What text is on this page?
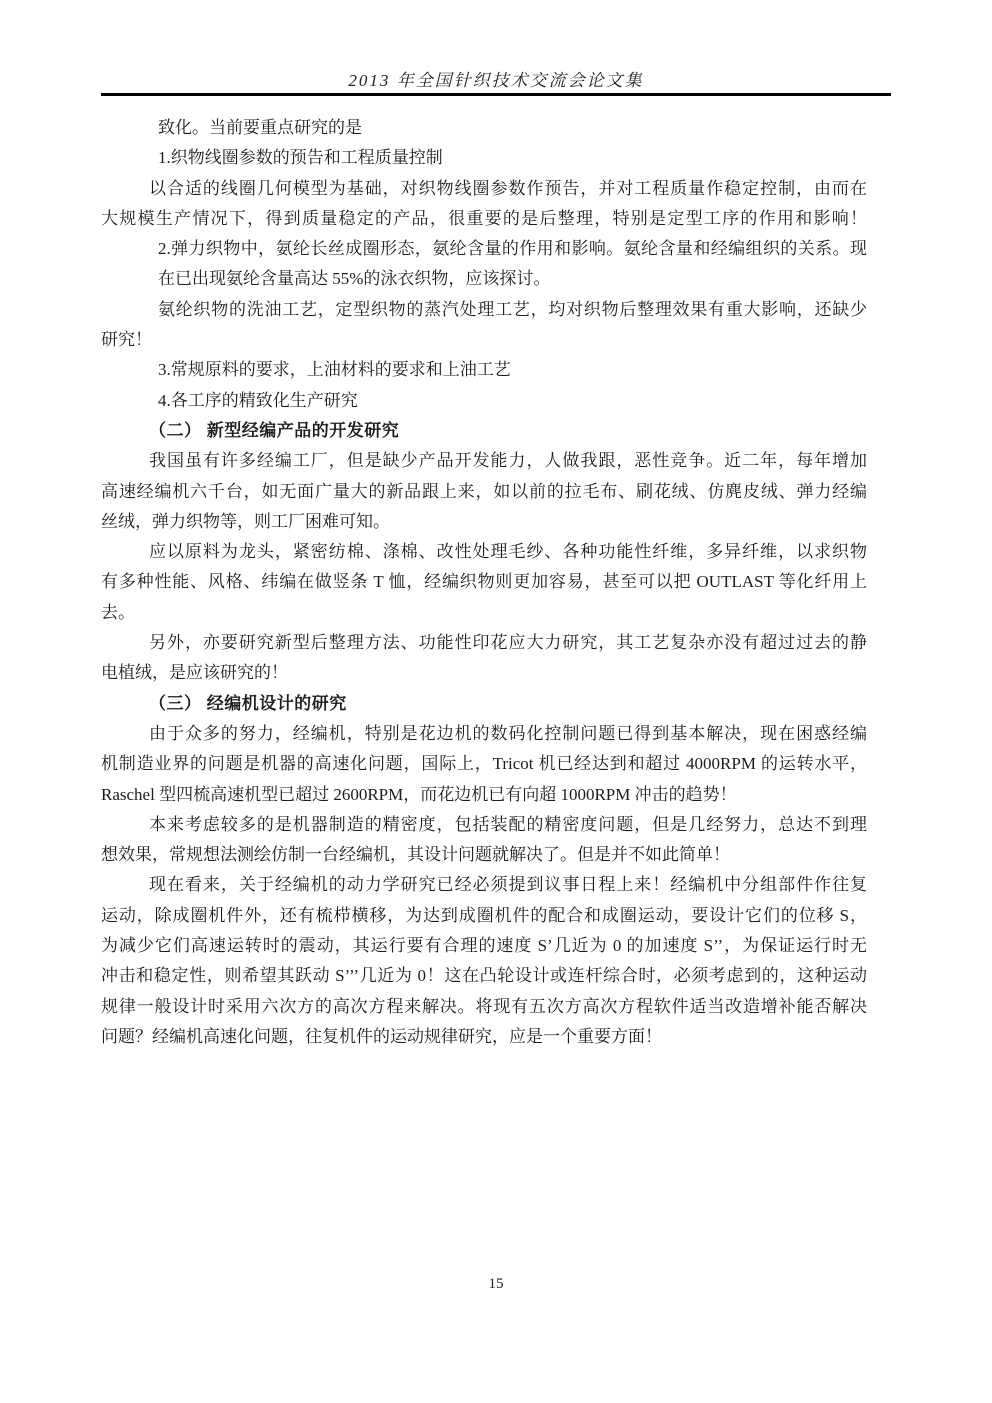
2013 年全国针织技术交流会论文集
致化。当前要重点研究的是
1.织物线圈参数的预告和工程质量控制
以合适的线圈几何模型为基础，对织物线圈参数作预告，并对工程质量作稳定控制，由而在
大规模生产情况下，得到质量稳定的产品，很重要的是后整理，特别是定型工序的作用和影响！
2.弹力织物中，氨纶长丝成圈形态，氨纶含量的作用和影响。氨纶含量和经编组织的关系。现
在已出现氨纶含量高达 55%的泳衣织物，应该探讨。
氨纶织物的洗油工艺，定型织物的蒸汽处理工艺，均对织物后整理效果有重大影响，还缺少
研究！
3.常规原料的要求，上油材料的要求和上油工艺
4.各工序的精致化生产研究
（二） 新型经编产品的开发研究
我国虽有许多经编工厂，但是缺少产品开发能力，人做我跟，恶性竞争。近二年，每年增加
高速经编机六千台，如无面广量大的新品跟上来，如以前的拉毛布、刷花绒、仿麂皮绒、弹力经编
丝绒，弹力织物等，则工厂困难可知。
应以原料为龙头，紧密纺棉、涤棉、改性处理毛纱、各种功能性纤维，多异纤维，以求织物
有多种性能、风格、纬编在做竖条 T 恤，经编织物则更加容易，甚至可以把 OUTLAST 等化纤用上
去。
另外，亦要研究新型后整理方法、功能性印花应大力研究，其工艺复杂亦没有超过过去的静
电植绒，是应该研究的！
（三） 经编机设计的研究
由于众多的努力，经编机，特别是花边机的数码化控制问题已得到基本解决，现在困惑经编
机制造业界的问题是机器的高速化问题，国际上，Tricot 机已经达到和超过 4000RPM 的运转水平，
Raschel 型四梳高速机型已超过 2600RPM，而花边机已有向超 1000RPM 冲击的趋势！
本来考虑较多的是机器制造的精密度，包括装配的精密度问题，但是几经努力，总达不到理
想效果，常规想法测绘仿制一台经编机，其设计问题就解决了。但是并不如此简单！
现在看来，关于经编机的动力学研究已经必须提到议事日程上来！经编机中分组部件作往复
运动，除成圈机件外，还有梳栉横移，为达到成圈机件的配合和成圈运动，要设计它们的位移 S，
为减少它们高速运转时的震动，其运行要有合理的速度 S’几近为 0 的加速度 S’’，为保证运行时无
冲击和稳定性，则希望其跃动 S’’’几近为 0！这在凸轮设计或连杆综合时，必须考虑到的，这种运动
规律一般设计时采用六次方的高次方程来解决。将现有五次方高次方程软件适当改造增补能否解决
问题？经编机高速化问题，往复机件的运动规律研究，应是一个重要方面！
15
